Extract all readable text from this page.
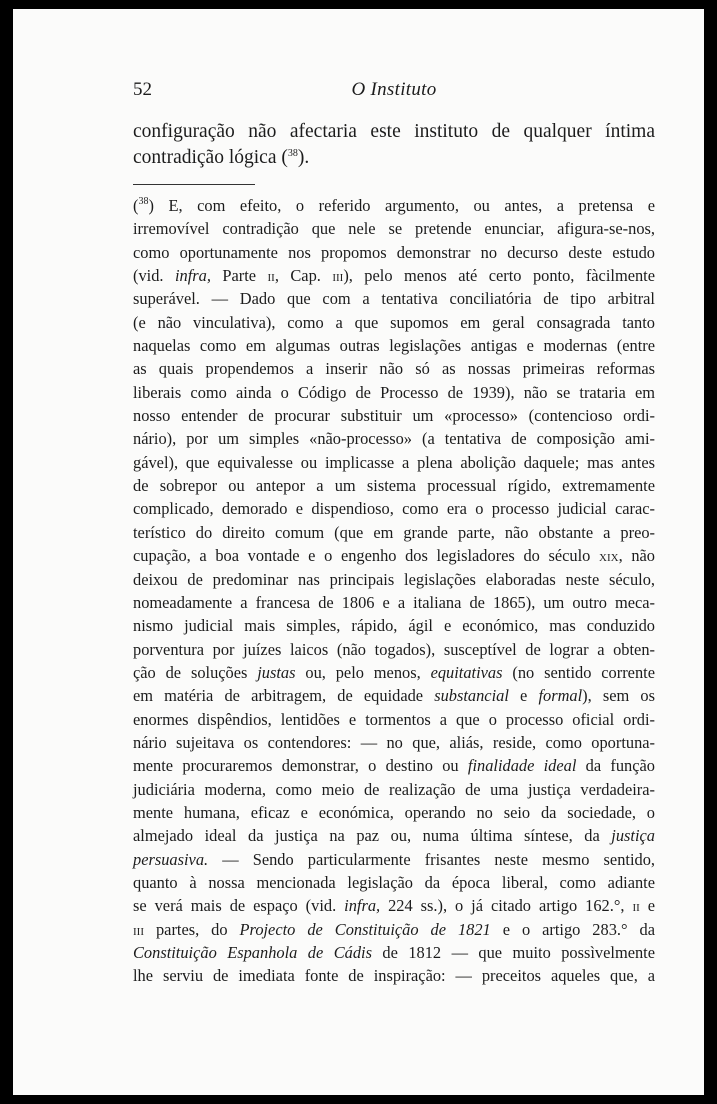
52	O Instituto
configuração não afectaria este instituto de qualquer íntima
contradição lógica ($^{38}$).
($^{38}$) E, com efeito, o referido argumento, ou antes, a pretensa e
irremovível contradição que nele se pretende enunciar, afigura-se-nos,
como oportunamente nos propomos demonstrar no decurso deste estudo
(vid. infra, Parte ii, Cap. iii), pelo menos até certo ponto, fàcilmente
superável. — Dado que com a tentativa conciliatória de tipo arbitral
(e não vinculativa), como a que supomos em geral consagrada tanto
naquelas como em algumas outras legislações antigas e modernas (entre
as quais propendemos a inserir não só as nossas primeiras reformas
liberais como ainda o Código de Processo de 1939), não se trataria em
nosso entender de procurar substituir um «processo» (contencioso ordi-
nário), por um simples «não-processo» (a tentativa de composição ami-
gável), que equivalesse ou implicasse a plena abolição daquele; mas antes
de sobrepor ou antepor a um sistema processual rígido, extremamente
complicado, demorado e dispendioso, como era o processo judicial carac-
terístico do direito comum (que em grande parte, não obstante a preo-
cupação, a boa vontade e o engenho dos legisladores do século xix, não
deixou de predominar nas principais legislações elaboradas neste século,
nomeadamente a francesa de 1806 e a italiana de 1865), um outro meca-
nismo judicial mais simples, rápido, ágil e económico, mas conduzido
porventura por juízes laicos (não togados), susceptível de lograr a obten-
ção de soluções justas ou, pelo menos, equitativas (no sentido corrente
em matéria de arbitragem, de equidade substancial e formal), sem os
enormes dispêndios, lentidões e tormentos a que o processo oficial ordi-
nário sujeitava os contendores: — no que, aliás, reside, como oportuna-
mente procuraremos demonstrar, o destino ou finalidade ideal da função
judiciária moderna, como meio de realização de uma justiça verdadeira-
mente humana, eficaz e económica, operando no seio da sociedade, o
almejado ideal da justiça na paz ou, numa última síntese, da justiça
persuasiva. — Sendo particularmente frisantes neste mesmo sentido,
quanto à nossa mencionada legislação da época liberal, como adiante
se verá mais de espaço (vid. infra, 224 ss.), o já citado artigo 162.°, ii e
iii partes, do Projecto de Constituição de 1821 e o artigo 283.° da
Constituição Espanhola de Cádis de 1812 — que muito possìvelmente
lhe serviu de imediata fonte de inspiração: — preceitos aqueles que, a
